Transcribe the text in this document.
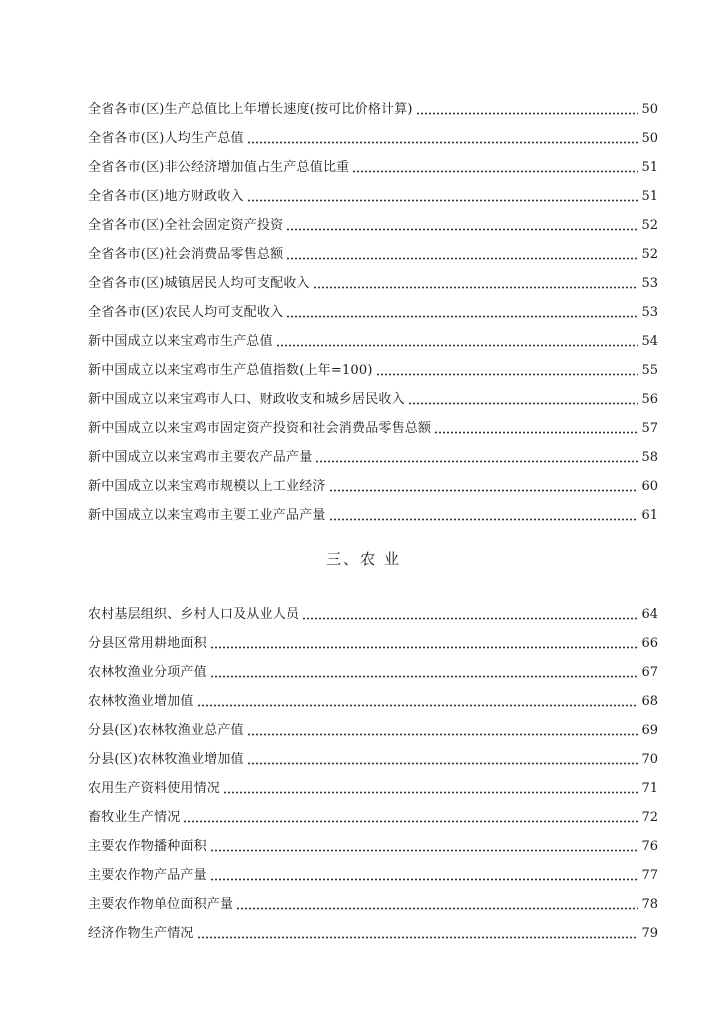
全省各市(区)生产总值比上年增长速度(按可比价格计算)	50
全省各市(区)人均生产总值	50
全省各市(区)非公经济增加值占生产总值比重	51
全省各市(区)地方财政收入	51
全省各市(区)全社会固定资产投资	52
全省各市(区)社会消费品零售总额	52
全省各市(区)城镇居民人均可支配收入	53
全省各市(区)农民人均可支配收入	53
新中国成立以来宝鸡市生产总值	54
新中国成立以来宝鸡市生产总值指数(上年=100)	55
新中国成立以来宝鸡市人口、财政收支和城乡居民收入	56
新中国成立以来宝鸡市固定资产投资和社会消费品零售总额	57
新中国成立以来宝鸡市主要农产品产量	58
新中国成立以来宝鸡市规模以上工业经济	60
新中国成立以来宝鸡市主要工业产品产量	61
三、农 业
农村基层组织、乡村人口及从业人员	64
分县区常用耕地面积	66
农林牧渔业分项产值	67
农林牧渔业增加值	68
分县(区)农林牧渔业总产值	69
分县(区)农林牧渔业增加值	70
农用生产资料使用情况	71
畜牧业生产情况	72
主要农作物播种面积	76
主要农作物产品产量	77
主要农作物单位面积产量	78
经济作物生产情况	79
